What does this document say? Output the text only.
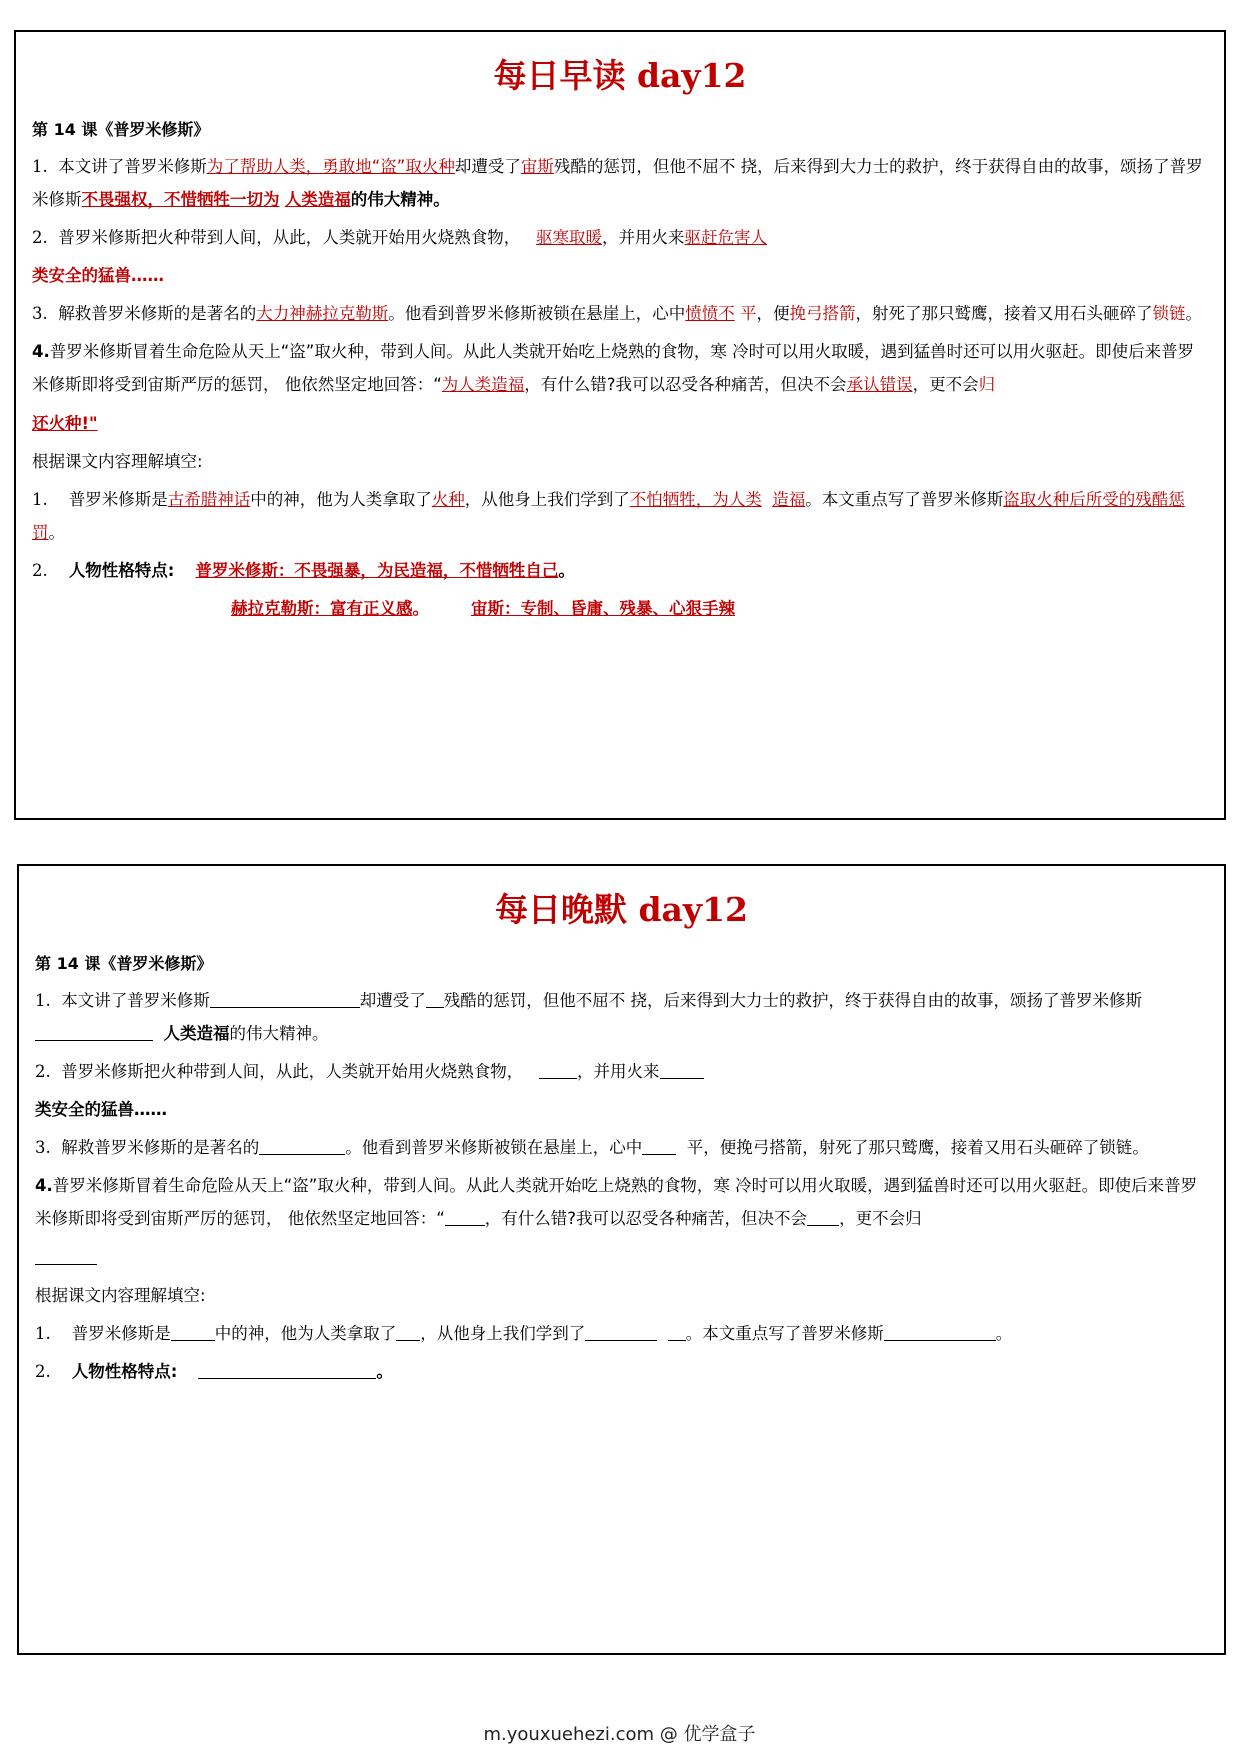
每日早读 day12
第 14 课《普罗米修斯》
1. 本文讲了普罗米修斯为了帮助人类，勇敢地“盗”取火种却遭受了宙斯残酷的惩罚，但他不屈不 挠，后来得到大力士的救护，终于获得自由的故事，颂扬了普罗米修斯不畏强权，不惜牺牲一切为 人类造福的伟大精神。
2. 普罗米修斯把火种带到人间，从此，人类就开始用火烧熟食物， 驱寒取暖，并用火来驱赶危害人
类安全的猛兽……
3. 解救普罗米修斯的是著名的大力神赫拉克勒斯。他看到普罗米修斯被锁在悬崖上，心中愤愤不 平，便挽弓搭箭，射死了那只鹫鹰，接着又用石头砸碎了锁链。
4.普罗米修斯冒着生命危险从天上“盗”取火种，带到人间。从此人类就开始吃上烧熟的食物，寒 冷时可以用火取暖，遇到猛兽时还可以用火驱赶。即使后来普罗米修斯即将受到宙斯严厉的惩罚， 他依然坚定地回答：“为人类造福，有什么错?我可以忍受各种痛苦，但决不会承认错误，更不会归
还火种!"
根据课文内容理解填空:
1. 普罗米修斯是古希腊神话中的神，他为人类拿取了火种，从他身上我们学到了不怕牺牲，为人类 造福。本文重点写了普罗米修斯盗取火种后所受的残酷惩罚。
2. 人物性格特点: 普罗米修斯：不畏强暴，为民造福，不惜牺牲自己。
赫拉克勒斯：富有正义感。	宙斯：专制、昏庸、残暴、心狠手辣
每日晚默 day12
第 14 课《普罗米修斯》
1. 本文讲了普罗米修斯	却遭受了 残酷的惩罚，但他不屈不 挠，后来得到大力士的救护，终于获得自由的故事，颂扬了普罗米修斯  人类造福的伟大精神。
2. 普罗米修斯把火种带到人间，从此，人类就开始用火烧熟食物，	，并用火来
类安全的猛兽……
3. 解救普罗米修斯的是著名的	。他看到普罗米修斯被锁在悬崖上，心中	平，便挽弓搭箭，射死了那只鹫鹰，接着又用石头砸碎了锁链。
4.普罗米修斯冒着生命危险从天上“盗”取火种，带到人间。从此人类就开始吃上烧熟的食物，寒 冷时可以用火取暖，遇到猛兽时还可以用火驱赶。即使后来普罗米修斯即将受到宙斯严厉的惩罚， 他依然坚定地回答：“ ，有什么错?我可以忍受各种痛苦，但决不会 ，更不会归
根据课文内容理解填空:
1. 普罗米修斯是	中的神，他为人类拿取了 ，从他身上我们学到了	。本文重点写了普罗米修斯	。
2. 人物性格特点:	。
m.youxuehezi.com @ 优学盒子
